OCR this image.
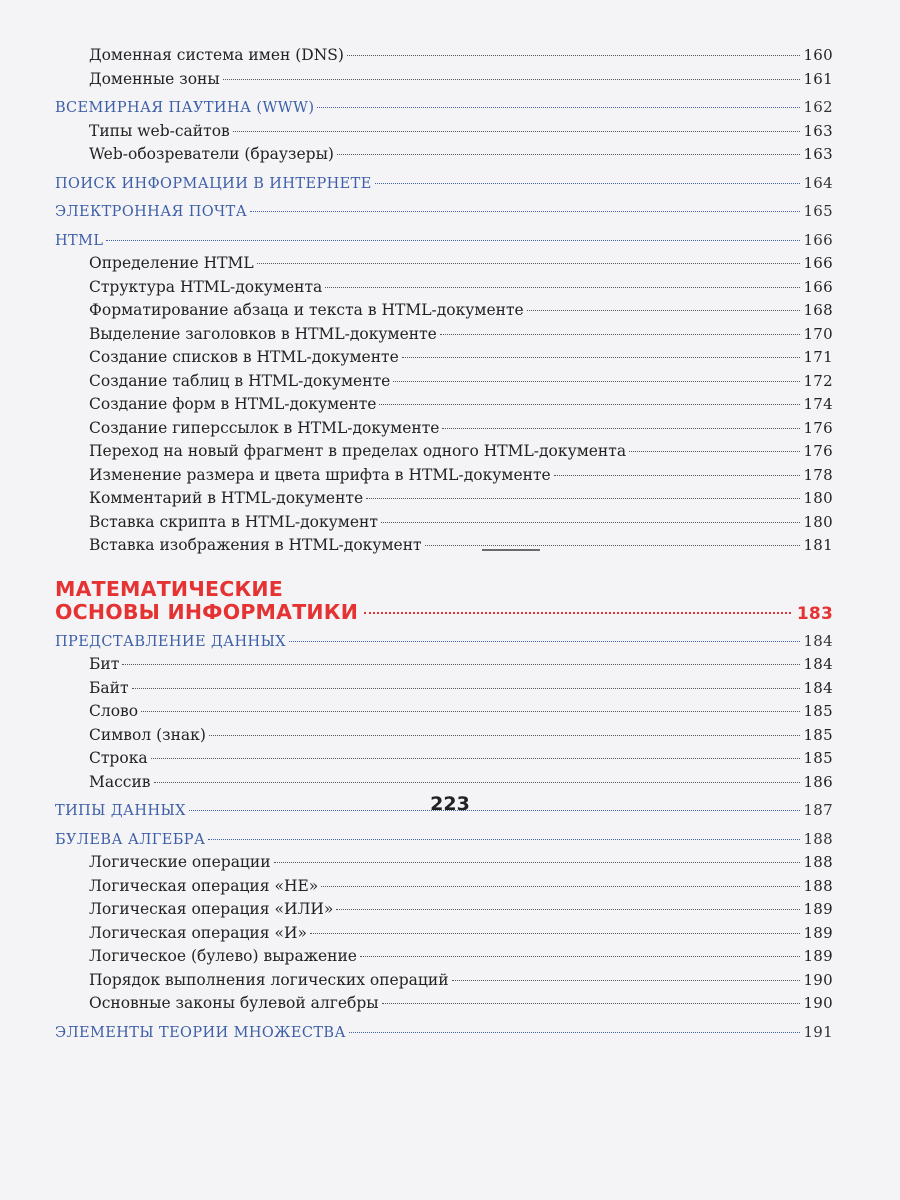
Доменная система имен (DNS)	160
Доменные зоны	161
ВСЕМИРНАЯ ПАУТИНА (WWW)	162
Типы web-сайтов	163
Web-обозреватели (браузеры)	163
ПОИСК ИНФОРМАЦИИ В ИНТЕРНЕТЕ	164
ЭЛЕКТРОННАЯ ПОЧТА	165
HTML	166
Определение HTML	166
Структура HTML-документа	166
Форматирование абзаца и текста в HTML-документе	168
Выделение заголовков в HTML-документе	170
Создание списков в HTML-документе	171
Создание таблиц в HTML-документе	172
Создание форм в HTML-документе	174
Создание гиперссылок в HTML-документе	176
Переход на новый фрагмент в пределах одного HTML-документа	176
Изменение размера и цвета шрифта в HTML-документе	178
Комментарий в HTML-документе	180
Вставка скрипта в HTML-документ	180
Вставка изображения в HTML-документ	181
МАТЕМАТИЧЕСКИЕ
ОСНОВЫ ИНФОРМАТИКИ	183
ПРЕДСТАВЛЕНИЕ ДАННЫХ	184
Бит	184
Байт	184
Слово	185
Символ (знак)	185
Строка	185
Массив	186
ТИПЫ ДАННЫХ	187
БУЛЕВА АЛГЕБРА	188
Логические операции	188
Логическая операция «НЕ»	188
Логическая операция «ИЛИ»	189
Логическая операция «И»	189
Логическое (булево) выражение	189
Порядок выполнения логических операций	190
Основные законы булевой алгебры	190
ЭЛЕМЕНТЫ ТЕОРИИ МНОЖЕСТВА	191
223
